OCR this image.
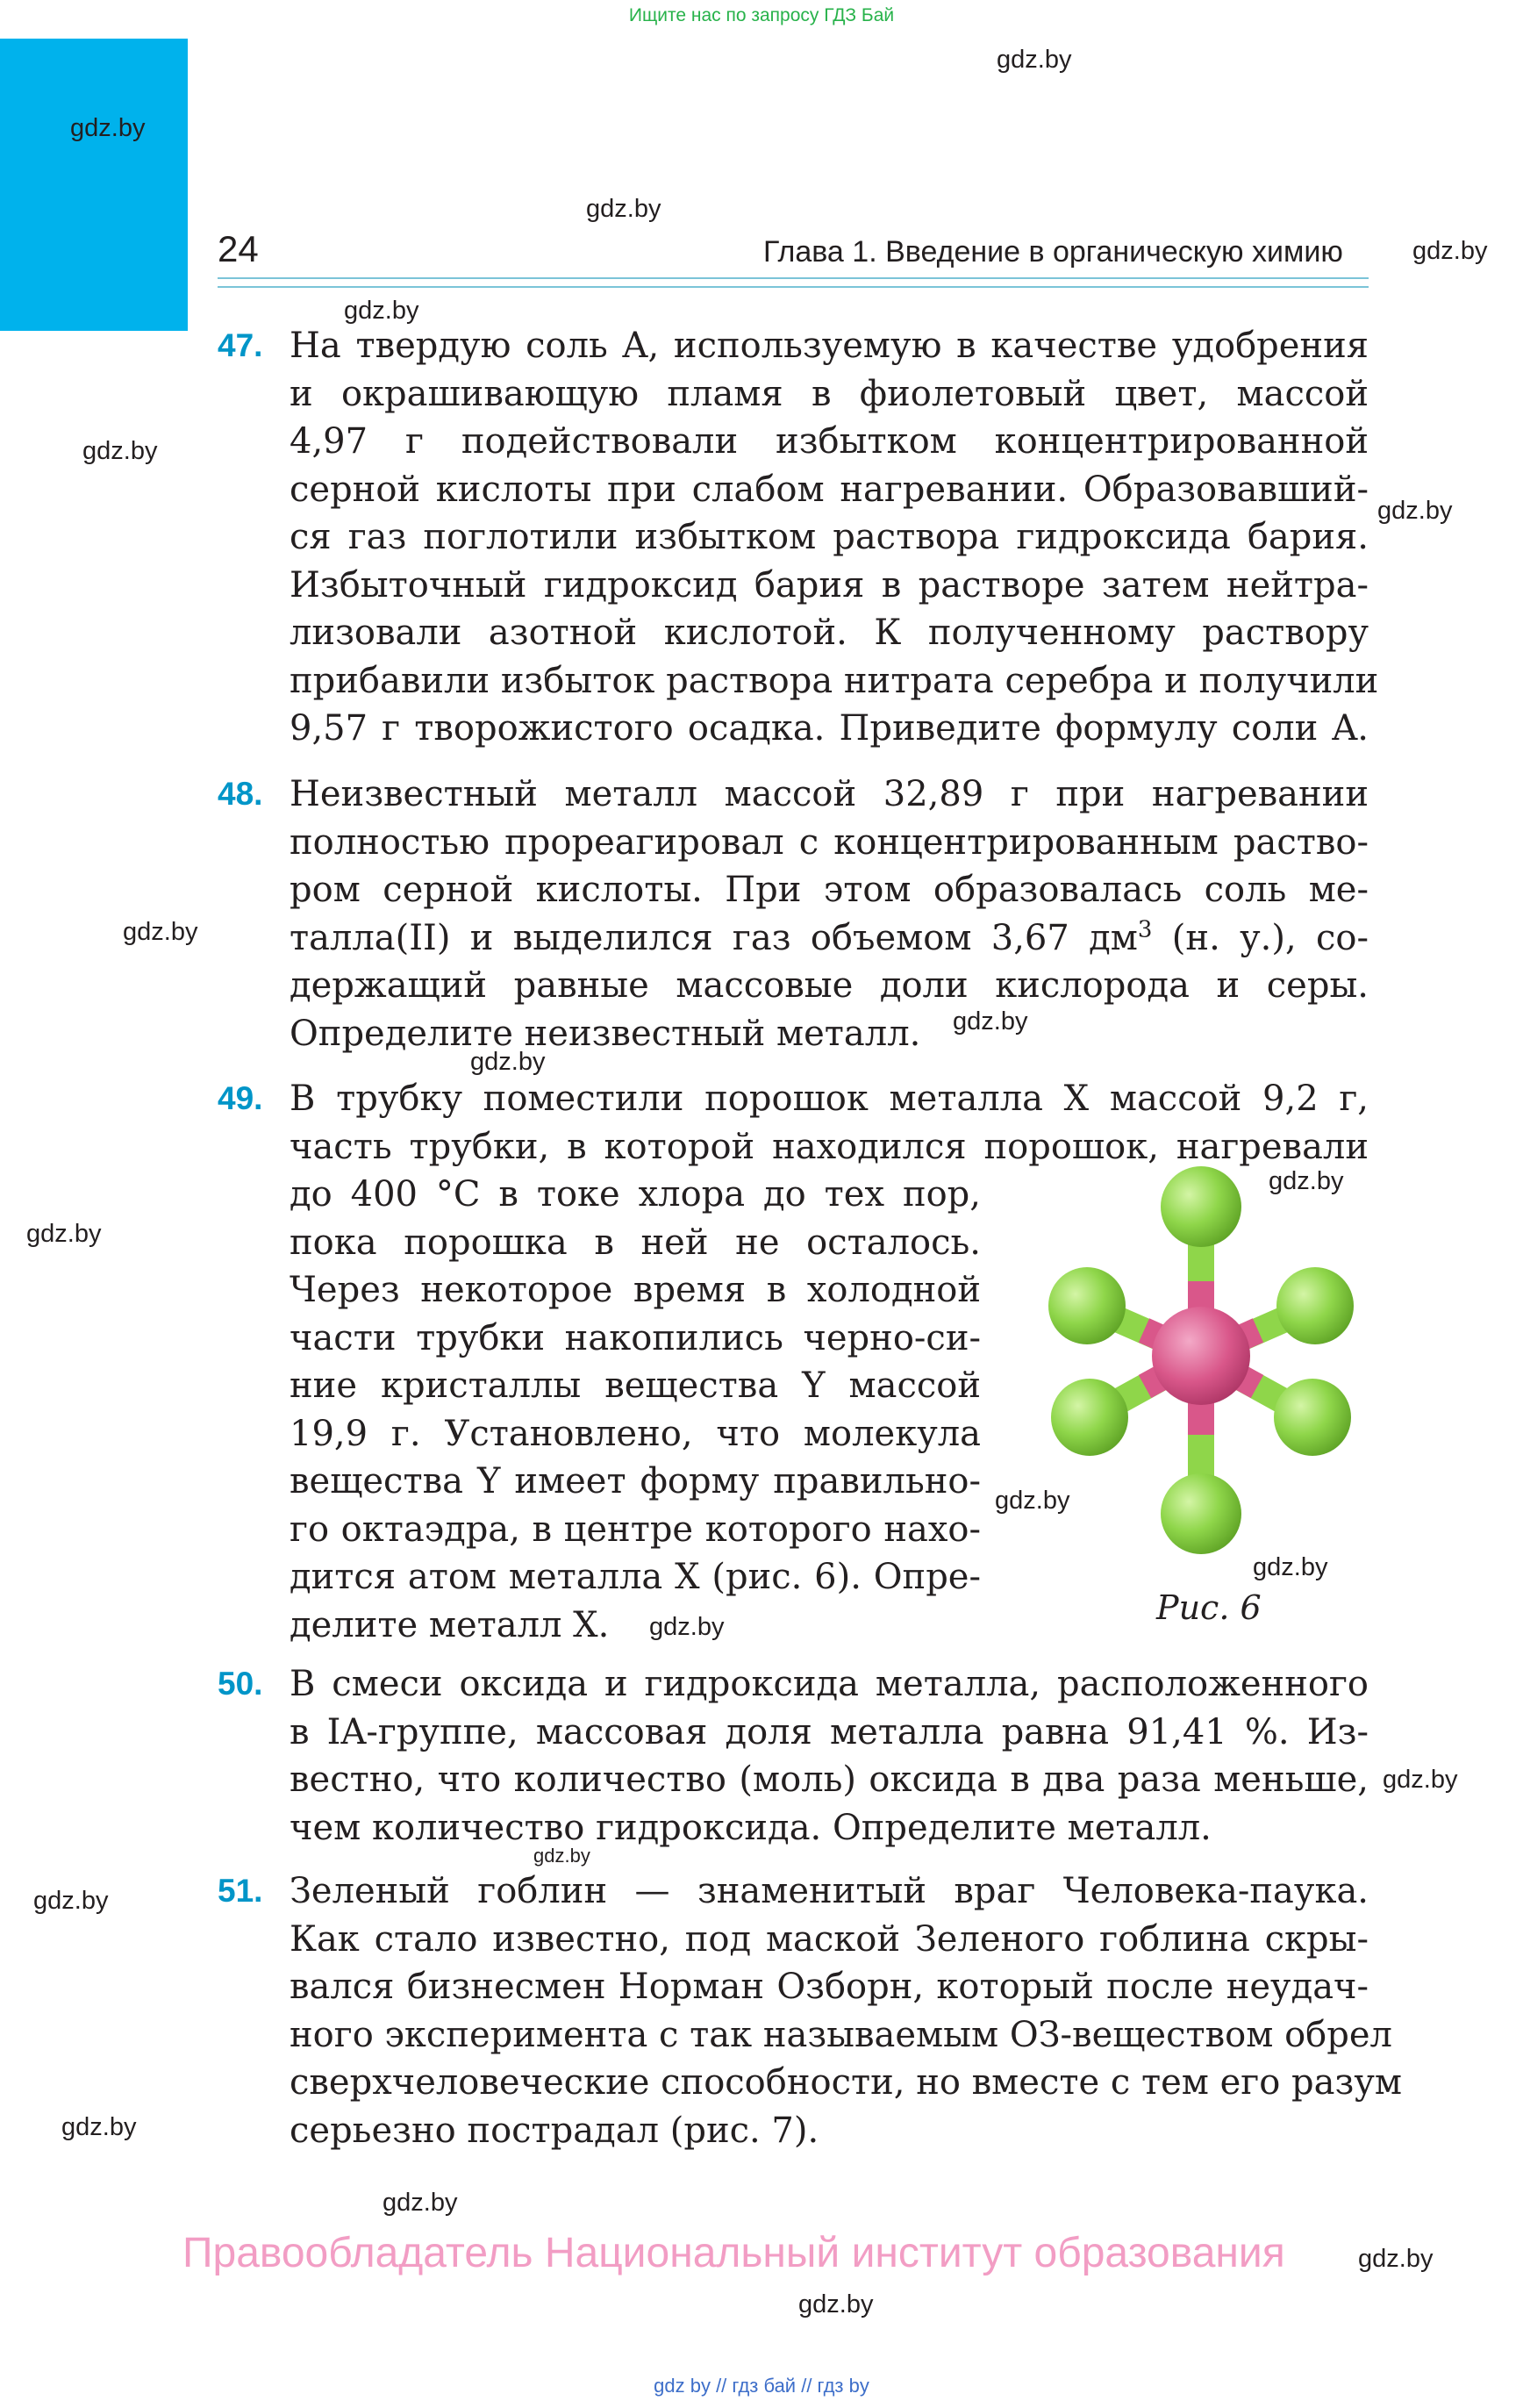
Ищите нас по запросу ГДЗ Бай
gdz.by
gdz.by
gdz.by
gdz.by
gdz.by
gdz.by
gdz.by
gdz.by
gdz.by
gdz.by
gdz.by
gdz.by
gdz.by
gdz.by
gdz.by
gdz.by
gdz.by
gdz.by
gdz.by
gdz.by
gdz.by
gdz.by
24	Глава 1. Введение в органическую химию
47. На твердую соль A, используемую в качестве удобрения
и окрашивающую пламя в фиолетовый цвет, массой
4,97 г подействовали избытком концентрированной
серной кислоты при слабом нагревании. Образовавший-
ся газ поглотили избытком раствора гидроксида бария.
Избыточный гидроксид бария в растворе затем нейтра-
лизовали азотной кислотой. К полученному раствору
прибавили избыток раствора нитрата серебра и получили
9,57 г творожистого осадка. Приведите формулу соли A.
48. Неизвестный металл массой 32,89 г при нагревании
полностью прореагировал с концентрированным раство-
ром серной кислоты. При этом образовалась соль ме-
талла(II) и выделился газ объемом 3,67 $дм^3$ (н. у.), со-
держащий равные массовые доли кислорода и серы.
Определите неизвестный металл.
49. В трубку поместили порошок металла X массой 9,2 г,
часть трубки, в которой находился порошок, нагревали
до 400 °С в токе хлора до тех пор,
пока порошка в ней не осталось.
Через некоторое время в холодной
части трубки накопились черно-си-
ние кристаллы вещества Y массой
19,9 г. Установлено, что молекула
вещества Y имеет форму правильно-
го октаэдра, в центре которого нахо-
дится атом металла X (рис. 6). Опре-
делите металл X.	Рис. 6
50. В смеси оксида и гидроксида металла, расположенного
в IA-группе, массовая доля металла равна 91,41 %. Из-
вестно, что количество (моль) оксида в два раза меньше,
чем количество гидроксида. Определите металл.
51. Зеленый гоблин — знаменитый враг Человека-паука.
Как стало известно, под маской Зеленого гоблина скры-
вался бизнесмен Норман Озборн, который после неудач-
ного эксперимента с так называемым ОЗ-веществом обрел
сверхчеловеческие способности, но вместе с тем его разум
серьезно пострадал (рис. 7).
Правообладатель Национальный институт образования
gdz by // гдз бай // гдз by
